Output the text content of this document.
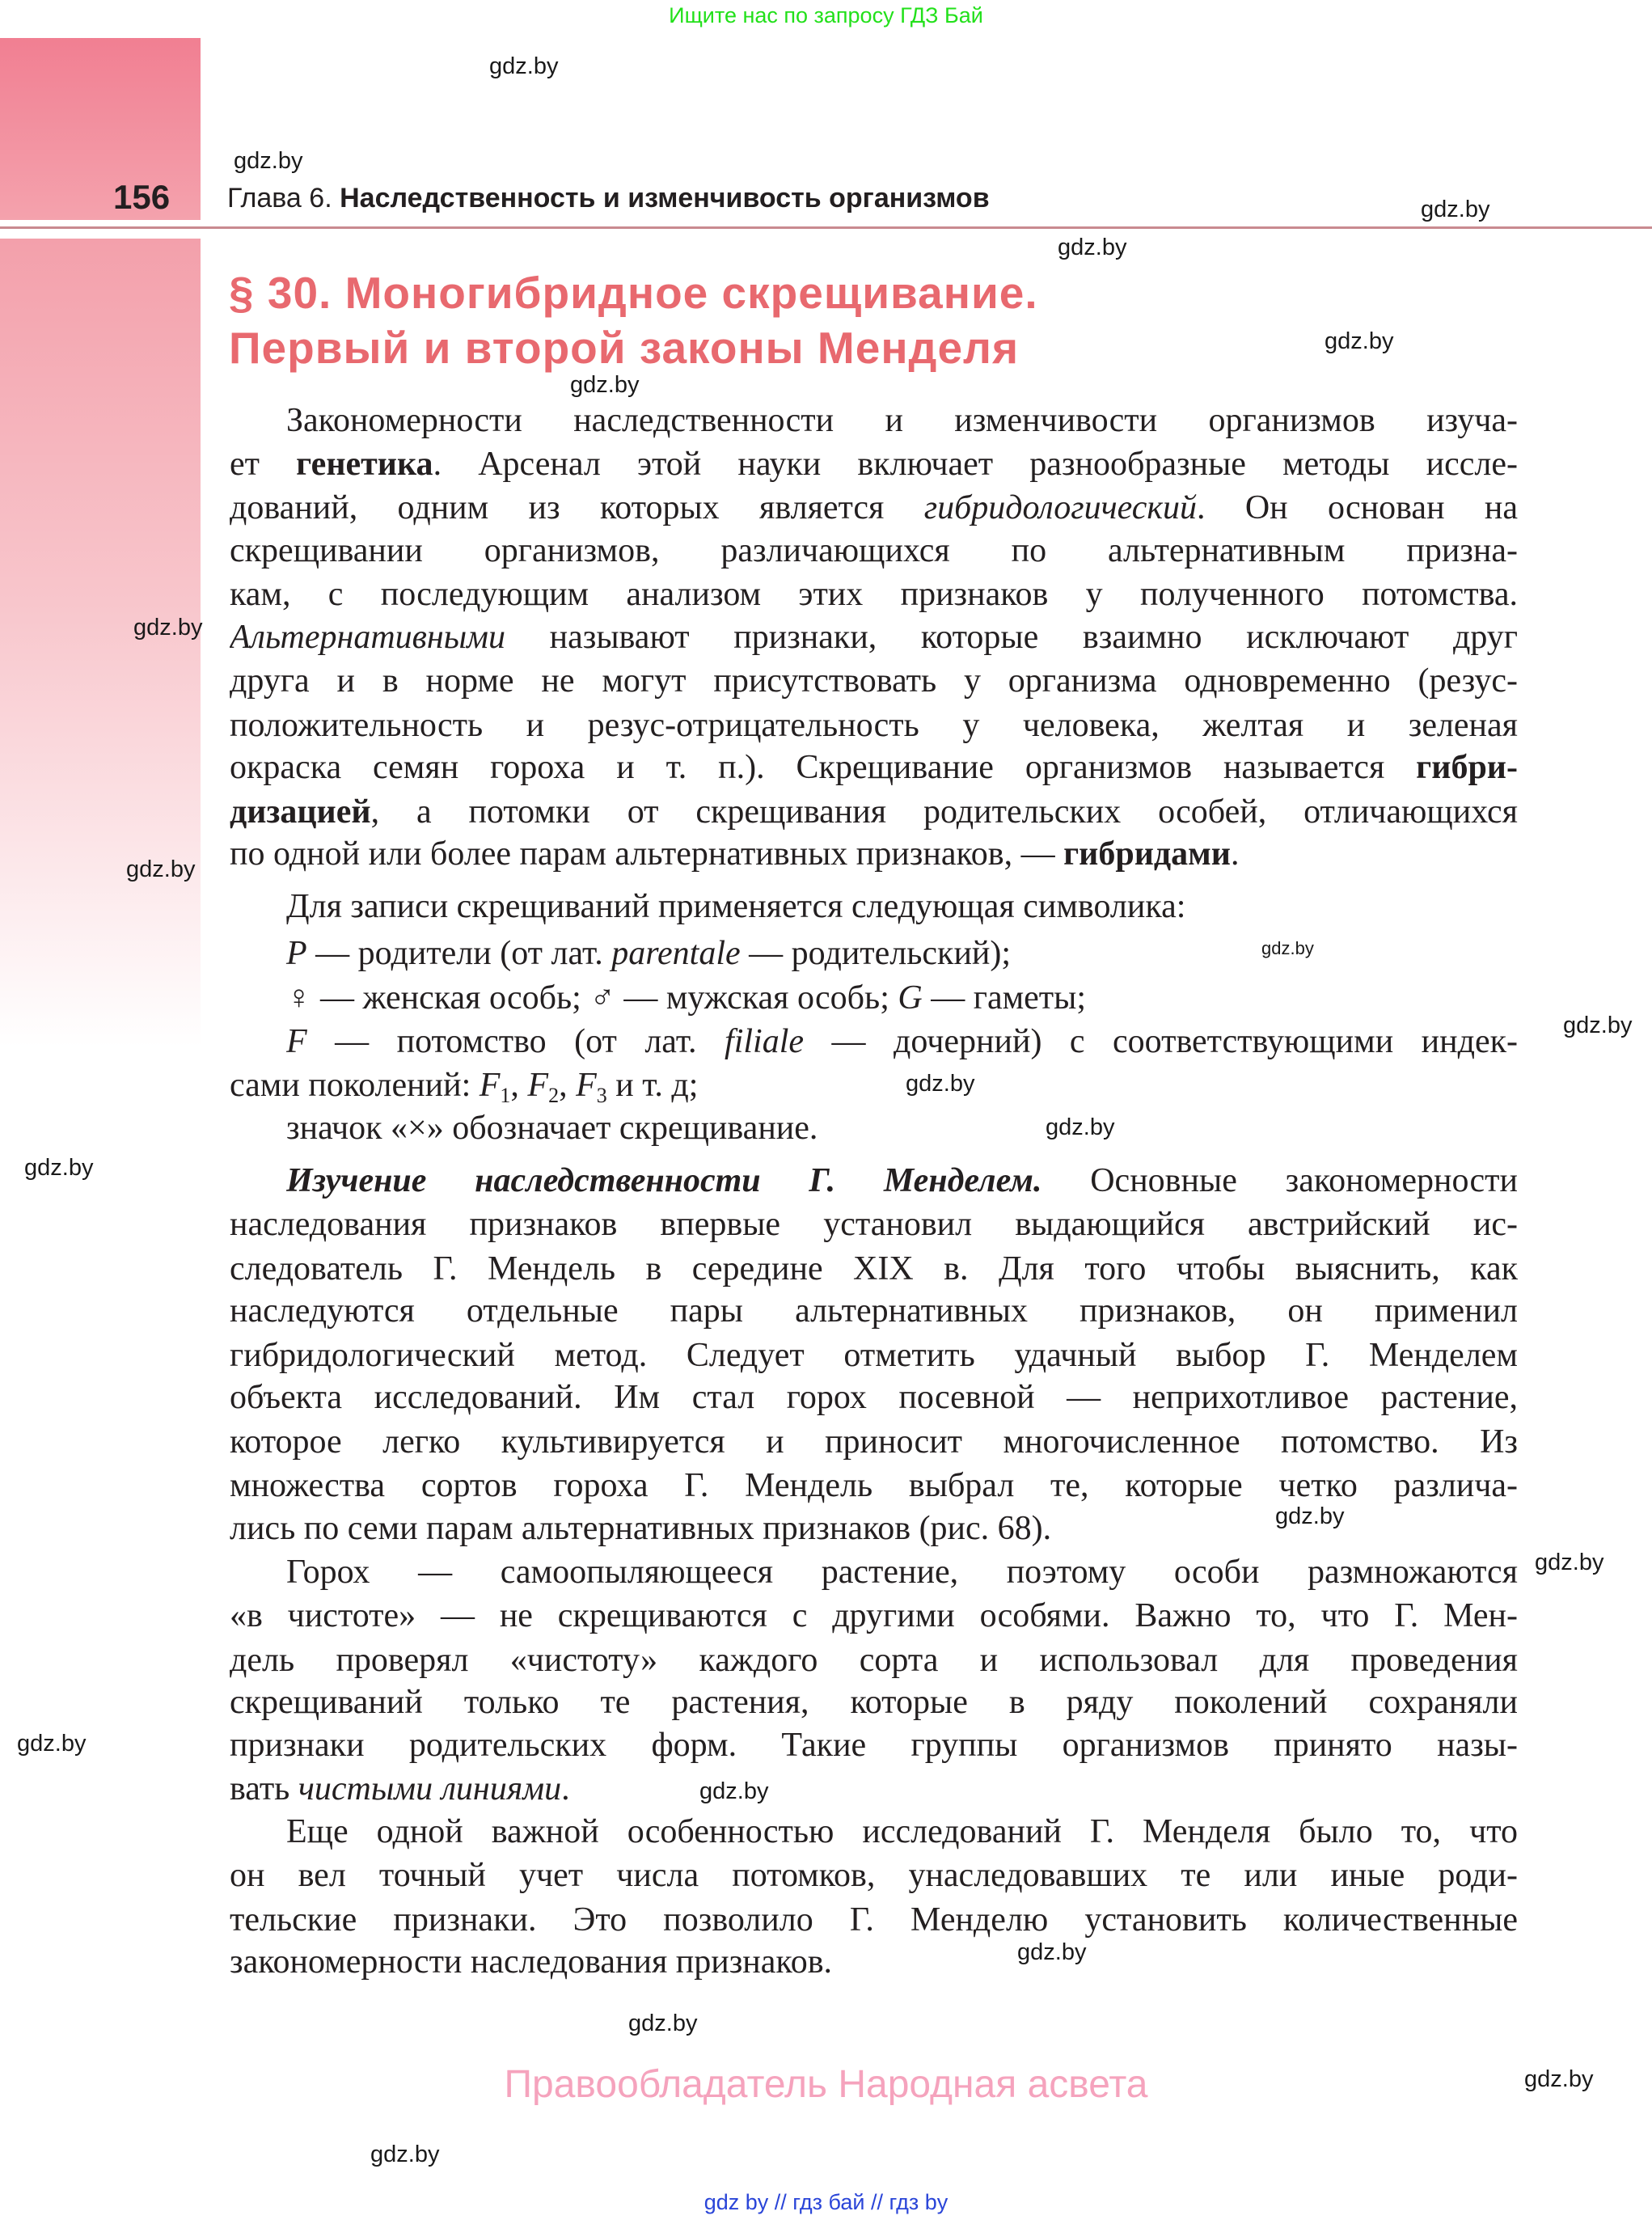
Ищите нас по запросу ГДЗ Бай
156 Глава 6. Наследственность и изменчивость организмов
§ 30. Моногибридное скрещивание.
Первый и второй законы Менделя
Закономерности наследственности и изменчивости организмов изуча-
ет генетика. Арсенал этой науки включает разнообразные методы иссле-
дований, одним из которых является гибридологический. Он основан на
скрещивании организмов, различающихся по альтернативным призна-
кам, с последующим анализом этих признаков у полученного потомства.
Альтернативными называют признаки, которые взаимно исключают друг
друга и в норме не могут присутствовать у организма одновременно (резус-
положительность и резус-отрицательность у человека, желтая и зеленая
окраска семян гороха и т. п.). Скрещивание организмов называется гибри-
дизацией, а потомки от скрещивания родительских особей, отличающихся
по одной или более парам альтернативных признаков, — гибридами.
Для записи скрещиваний применяется следующая символика:
P — родители (от лат. parentale — родительский);
♀ — женская особь; ♂ — мужская особь; G — гаметы;
F — потомство (от лат. filiale — дочерний) с соответствующими индек-
сами поколений: F1, F2, F3 и т. д;
значок «×» обозначает скрещивание.
Изучение наследственности Г. Менделем. Основные закономерности
наследования признаков впервые установил выдающийся австрийский ис-
следователь Г. Мендель в середине XIX в. Для того чтобы выяснить, как
наследуются отдельные пары альтернативных признаков, он применил
гибридологический метод. Следует отметить удачный выбор Г. Менделем
объекта исследований. Им стал горох посевной — неприхотливое растение,
которое легко культивируется и приносит многочисленное потомство. Из
множества сортов гороха Г. Мендель выбрал те, которые четко различа-
лись по семи парам альтернативных признаков (рис. 68).
Горох — самоопыляющееся растение, поэтому особи размножаются
«в чистоте» — не скрещиваются с другими особями. Важно то, что Г. Мен-
дель проверял «чистоту» каждого сорта и использовал для проведения
скрещиваний только те растения, которые в ряду поколений сохраняли
признаки родительских форм. Такие группы организмов принято назы-
вать чистыми линиями.
Еще одной важной особенностью исследований Г. Менделя было то, что
он вел точный учет числа потомков, унаследовавших те или иные роди-
тельские признаки. Это позволило Г. Менделю установить количественные
закономерности наследования признаков.
gdz.by
gdz.by
gdz.by
gdz.by
gdz.by
gdz.by
gdz.by
gdz.by
gdz.by
gdz.by
gdz.by
gdz.by
gdz.by
gdz.by
gdz.by
gdz.by
gdz.by
gdz.by
gdz.by
gdz.by
gdz.by
Правообладатель Народная асвета
gdz by // гдз бай // гдз by
